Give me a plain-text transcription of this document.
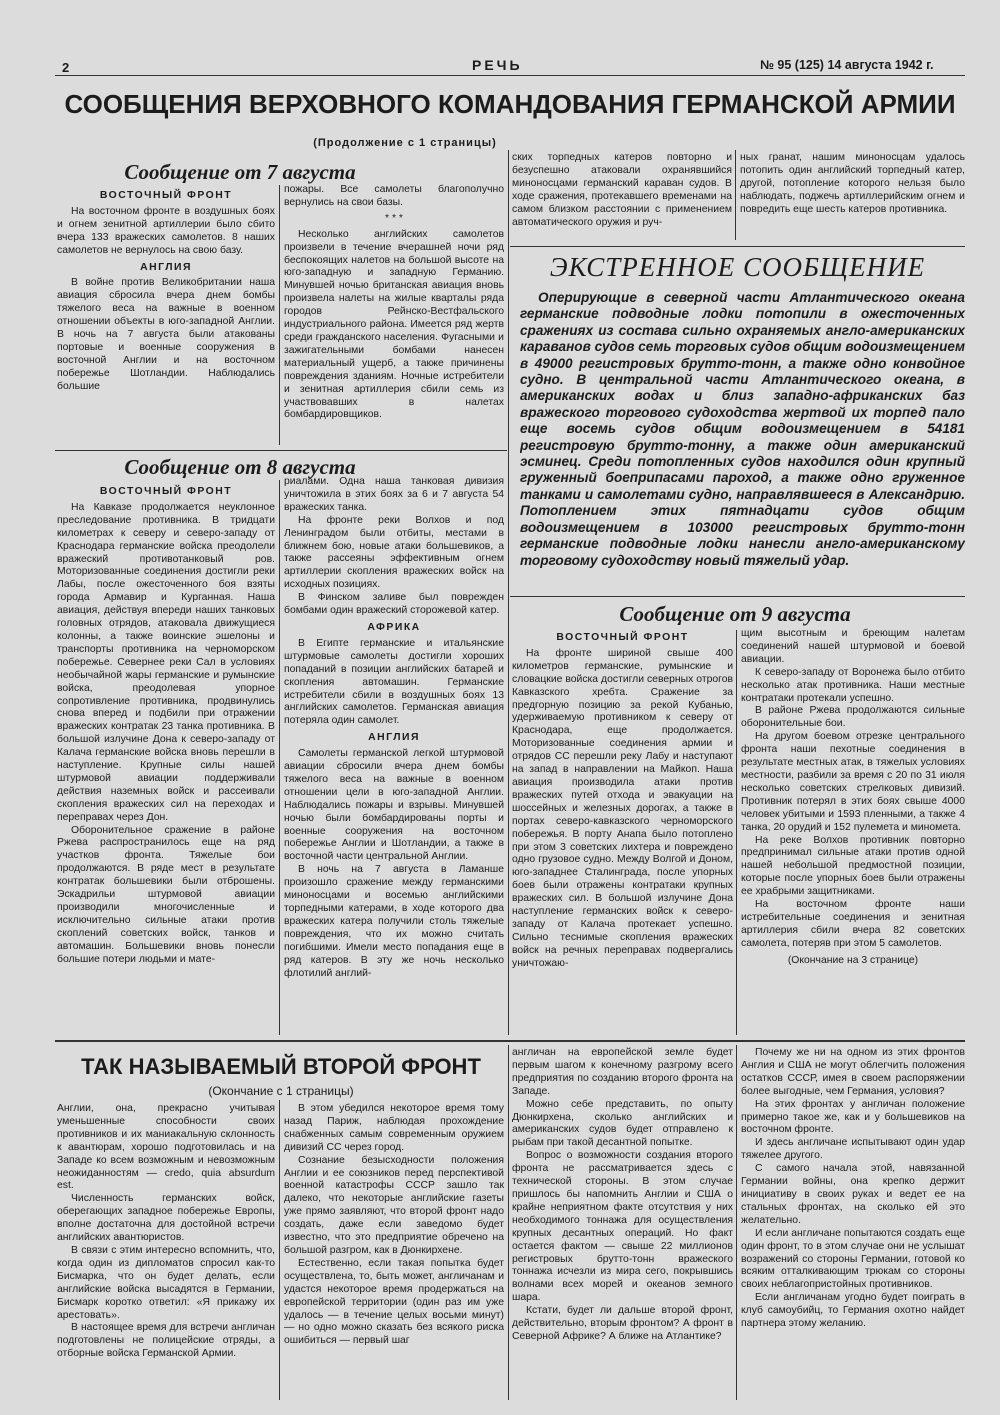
2	РЕЧЬ	№ 95 (125) 14 августа 1942 г.
СООБЩЕНИЯ ВЕРХОВНОГО КОМАНДОВАНИЯ ГЕРМАНСКОЙ АРМИИ
(Продолжение с 1 страницы)
Сообщение от 7 августа

ВОСТОЧНЫЙ ФРОНТ

На восточном фронте в воздушных боях и огнем зенитной артиллерии было сбито вчера 133 вражеских самолетов. 8 наших самолетов не вернулось на свою базу.

АНГЛИЯ

В войне против Великобритании наша авиация сбросила вчера днем бомбы тяжелого веса на важные в военном отношении объекты в юго-западной Англии. В ночь на 7 августа были атакованы портовые и военные сооружения в восточной Англии и на восточном побережье Шотландии. Наблюдались большие

пожары. Все самолеты благополучно вернулись на свои базы.

* * *

Несколько английских самолетов произвели в течение вчерашней ночи ряд беспокоящих налетов на большой высоте на юго-западную и западную Германию. Минувшей ночью британская авиация вновь произвела налеты на жилые кварталы ряда городов Рейнско-Вестфальского индустриального района. Имеется ряд жертв среди гражданского населения. Фугасными и зажигательными бомбами нанесен материальный ущерб, а также причинены повреждения зданиям. Ночные истребители и зенитная артиллерия сбили семь из участвовавших в налетах бомбардировщиков.

Сообщение от 8 августа

ВОСТОЧНЫЙ ФРОНТ

На Кавказе продолжается неуклонное преследование противника. В тридцати километрах к северу и северо-западу от Краснодара германские войска преодолели вражеский противотанковый ров. Моторизованные соединения достигли реки Лабы, после ожесточенного боя взяты города Армавир и Курганная. Наша авиация, действуя впереди наших танковых головных отрядов, атаковала движущиеся колонны, а также воинские эшелоны и транспорты противника на черноморском побережье. Севернее реки Сал в условиях необычайной жары германские и румынские войска, преодолевая упорное сопротивление противника, продвинулись снова вперед и подбили при отражении вражеских контратак 23 танка противника. В большой излучине Дона к северо-западу от Калача германские войска вновь перешли в наступление. Крупные силы нашей штурмовой авиации поддерживали действия наземных войск и рассеивали скопления вражеских сил на переходах и переправах через Дон.

Оборонительное сражение в районе Ржева распространилось еще на ряд участков фронта. Тяжелые бои продолжаются. В ряде мест в результате контратак большевики были отброшены. Эскадрильи штурмовой авиации производили многочисленные и исключительно сильные атаки против скоплений советских войск, танков и автомашин. Большевики вновь понесли большие потери людьми и мате-

риалами. Одна наша танковая дивизия уничтожила в этих боях за 6 и 7 августа 54 вражеских танка.

На фронте реки Волхов и под Ленинградом были отбиты, местами в ближнем бою, новые атаки большевиков, а также рассеяны эффективным огнем артиллерии скопления вражеских войск на исходных позициях.

В Финском заливе был поврежден бомбами один вражеский сторожевой катер.

АФРИКА

В Египте германские и итальянские штурмовые самолеты достигли хороших попаданий в позиции английских батарей и скопления автомашин. Германские истребители сбили в воздушных боях 13 английских самолетов. Германская авиация потеряла один самолет.

АНГЛИЯ

Самолеты германской легкой штурмовой авиации сбросили вчера днем бомбы тяжелого веса на важные в военном отношении цели в юго-западной Англии. Наблюдались пожары и взрывы. Минувшей ночью были бомбардированы порты и военные сооружения на восточном побережье Англии и Шотландии, а также в восточной части центральной Англии.

В ночь на 7 августа в Ламанше произошло сражение между германскими миноносцами и восемью английскими торпедными катерами, в ходе которого два вражеских катера получили столь тяжелые повреждения, что их можно считать погибшими. Имели место попадания еще в ряд катеров. В эту же ночь несколько флотилий англий-

ских торпедных катеров повторно и безуспешно атаковали охранявшийся миноносцами германский караван судов. В ходе сражения, протекавшего временами на самом близком расстоянии с применением автоматического оружия и руч-

ных гранат, нашим миноносцам удалось потопить один английский торпедный катер, другой, потопление которого нельзя было наблюдать, поджечь артиллерийским огнем и повредить еще шесть катеров противника.

ЭКСТРЕННОЕ СООБЩЕНИЕ
Оперирующие в северной части Атлантического океана германские подводные лодки потопили в ожесточенных сражениях из состава сильно охраняемых англо-американских караванов судов семь торговых судов общим водоизмещением в 49000 регистровых брутто-тонн, а также одно конвойное судно. В центральной части Атлантического океана, в американских водах и близ западно-африканских баз вражеского торгового судоходства жертвой их торпед пало еще восемь судов общим водоизмещением в 54181 регистровую брутто-тонну, а также один американский эсминец. Среди потопленных судов находился один крупный груженный боеприпасами пароход, а также одно груженное танками и самолетами судно, направлявшееся в Александрию. Потоплением этих пятнадцати судов общим водоизмещением в 103000 регистровых брутто-тонн германские подводные лодки нанесли англо-американскому торговому судоходству новый тяжелый удар.
Сообщение от 9 августа

ВОСТОЧНЫЙ ФРОНТ

На фронте шириной свыше 400 километров германские, румынские и словацкие войска достигли северных отрогов Кавказского хребта. Сражение за предгорную позицию за рекой Кубанью, удерживаемую противником к северу от Краснодара, еще продолжается. Моторизованные соединения армии и отрядов СС перешли реку Лабу и наступают на запад в направлении на Майкоп. Наша авиация производила атаки против вражеских путей отхода и эвакуации на шоссейных и железных дорогах, а также в портах северо-кавказского черноморского побережья. В порту Анапа было потоплено при этом 3 советских лихтера и повреждено одно грузовое судно. Между Волгой и Доном, юго-западнее Сталинграда, после упорных боев были отражены контратаки крупных вражеских сил. В большой излучине Дона наступление германских войск к северо-западу от Калача протекает успешно. Сильно теснимые скопления вражеских войск на речных переправах подвергались уничтожаю-

щим высотным и бреющим налетам соединений нашей штурмовой и боевой авиации.

К северо-западу от Воронежа было отбито несколько атак противника. Наши местные контратаки протекали успешно.

В районе Ржева продолжаются сильные оборонительные бои.

На другом боевом отрезке центрального фронта наши пехотные соединения в результате местных атак, в тяжелых условиях местности, разбили за время с 20 по 31 июля несколько советских стрелковых дивизий. Противник потерял в этих боях свыше 4000 человек убитыми и 1593 пленными, а также 4 танка, 20 орудий и 152 пулемета и миномета.

На реке Волхов противник повторно предпринимал сильные атаки против одной нашей небольшой предмостной позиции, которые после упорных боев были отражены ее храбрыми защитниками.

На восточном фронте наши истребительные соединения и зенитная артиллерия сбили вчера 82 советских самолета, потеряв при этом 5 самолетов.

(Окончание на 3 странице)

ТАК НАЗЫВАЕМЫЙ ВТОРОЙ ФРОНТ
(Окончание с 1 страницы)

Англии, она, прекрасно учитывая уменьшенные способности своих противников и их маниакальную склонность к авантюрам, хорошо подготовилась и на Западе ко всем возможным и невозможным неожиданностям — credo, quia absurdum est.

Численность германских войск, оберегающих западное побережье Европы, вполне достаточна для достойной встречи английских авантюристов.

В связи с этим интересно вспомнить, что, когда один из дипломатов спросил как-то Бисмарка, что он будет делать, если английские войска высадятся в Германии, Бисмарк коротко ответил: «Я прикажу их арестовать».

В настоящее время для встречи англичан подготовлены не полицейские отряды, а отборные войска Германской Армии.

В этом убедился некоторое время тому назад Париж, наблюдая прохождение снабженных самым современным оружием дивизий СС через город.

Сознание безысходности положения Англии и ее союзников перед перспективой военной катастрофы СССР зашло так далеко, что некоторые английские газеты уже прямо заявляют, что второй фронт надо создать, даже если заведомо будет известно, что это предприятие обречено на большой разгром, как в Дюнкирхене.

Естественно, если такая попытка будет осуществлена, то, быть может, англичанам и удастся некоторое время продержаться на европейской территории (один раз им уже удалось — в течение целых восьми минут) — но одно можно сказать без всякого риска ошибиться — первый шаг

англичан на европейской земле будет первым шагом к конечному разгрому всего предприятия по созданию второго фронта на Западе.

Можно себе представить, по опыту Дюнкирхена, сколько английских и американских судов будет отправлено к рыбам при такой десантной попытке.

Вопрос о возможности создания второго фронта не рассматривается здесь с технической стороны. В этом случае пришлось бы напомнить Англии и США о крайне неприятном факте отсутствия у них необходимого тоннажа для осуществления крупных десантных операций. Но факт остается фактом — свыше 22 миллионов регистровых брутто-тонн вражеского тоннажа исчезли из мира сего, покрывшись волнами всех морей и океанов земного шара.

Кстати, будет ли дальше второй фронт, действительно, вторым фронтом? А фронт в Северной Африке? А ближе на Атлантике?

Почему же ни на одном из этих фронтов Англия и США не могут облегчить положения остатков СССР, имея в своем распоряжении более выгодные, чем Германия, условия?

На этих фронтах у англичан положение примерно такое же, как и у большевиков на восточном фронте.

И здесь англичане испытывают один удар тяжелее другого.

С самого начала этой, навязанной Германии войны, она крепко держит инициативу в своих руках и ведет ее на стальных фронтах, на сколько ей это желательно.

И если англичане попытаются создать еще один фронт, то в этом случае они не услышат возражений со стороны Германии, готовой ко всяким отталкивающим трюкам со стороны своих неблагопристойных противников.

Если англичанам угодно будет поиграть в клуб самоубийц, то Германия охотно найдет партнера этому желанию.
